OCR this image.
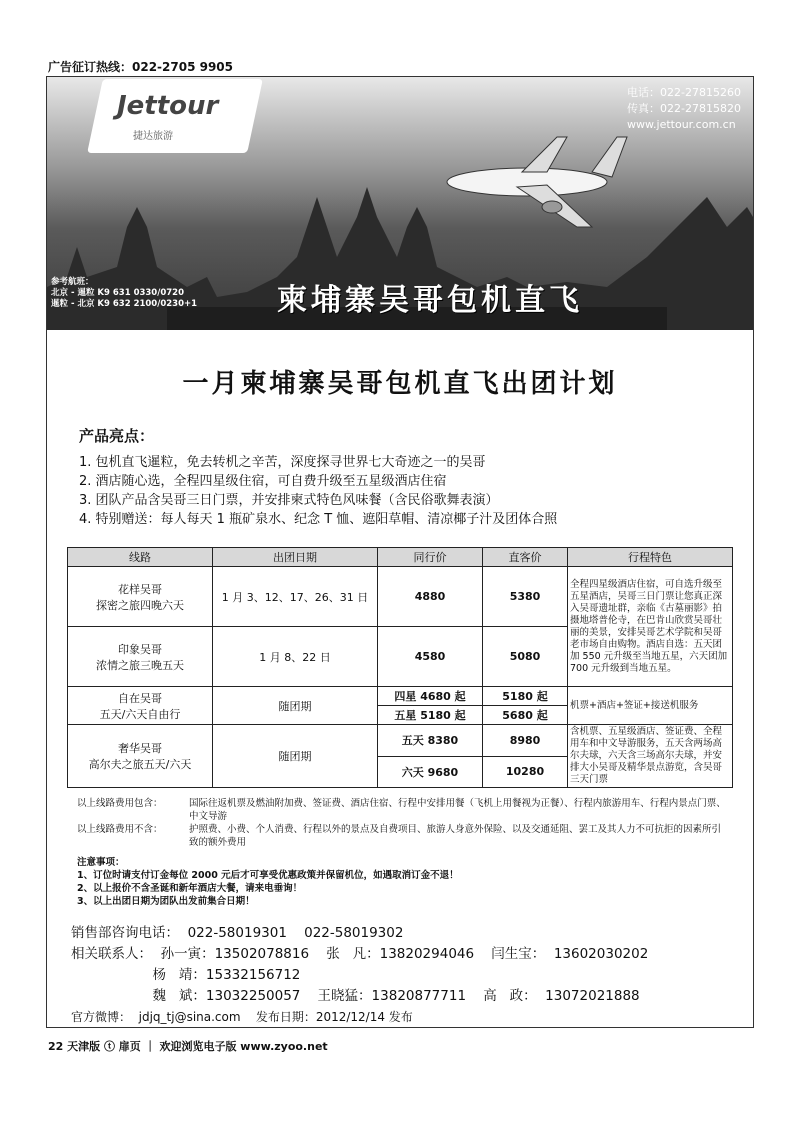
广告征订热线：022-2705 9905
Jettour
捷达旅游
电话：022-27815260
传真：022-27815820
www.jettour.com.cn
参考航班：
北京 - 暹粒 K9 631 0330/0720
暹粒 - 北京 K9 632 2100/0230+1	柬埔寨吴哥包机直飞
一月柬埔寨吴哥包机直飞出团计划
产品亮点：
1. 包机直飞暹粒，免去转机之辛苦，深度探寻世界七大奇迹之一的吴哥
2. 酒店随心选，全程四星级住宿，可自费升级至五星级酒店住宿
3. 团队产品含吴哥三日门票，并安排柬式特色风味餐（含民俗歌舞表演）
4. 特别赠送：每人每天 1 瓶矿泉水、纪念 T 恤、遮阳草帽、清凉椰子汁及团体合照
线路	出团日期	同行价	直客价	行程特色

花样吴哥
探密之旅四晚六天	1 月 3、12、17、26、31 日	4880	5380	全程四星级酒店住宿，可自选升级至五星酒店，吴哥三日门票让您真正深入吴哥遗址群，亲临《古墓丽影》拍摄地塔普伦寺，在巴肯山欣赏吴哥壮丽的美景，安排吴哥艺术学院和吴哥老市场自由购物。酒店自选：五天团加 550 元升级至当地五星，六天团加 700 元升级到当地五星。

印象吴哥
浓情之旅三晚五天	1 月 8、22 日	4580	5080	

自在吴哥
五天/六天自由行	随团期	四星 4680 起	5180 起	机票+酒店+签证+接送机服务
		五星 5180 起	5680 起	

奢华吴哥
高尔夫之旅五天/六天	随团期	五天 8380	8980	含机票、五星级酒店、签证费、全程用车和中文导游服务，五天含两场高尔夫球，六天含三场高尔夫球，并安排大小吴哥及精华景点游览，含吴哥三天门票
		六天 9680	10280	
以上线路费用包含：	国际往返机票及燃油附加费、签证费、酒店住宿、行程中安排用餐（飞机上用餐视为正餐）、行程内旅游用车、行程内景点门票、中文导游
以上线路费用不含：	护照费、小费、个人消费、行程以外的景点及自费项目、旅游人身意外保险、以及交通延阻、罢工及其人力不可抗拒的因素所引致的额外费用
注意事项：
1、订位时请支付订金每位 2000 元后才可享受优惠政策并保留机位，如遇取消订金不退！
2、以上报价不含圣诞和新年酒店大餐，请来电垂询！
3、以上出团日期为团队出发前集合日期！
销售部咨询电话：  022-58019301    022-58019302
相关联系人：  孙一寅：13502078816    张   凡：13820294046    闫生宝：  13602030202
杨   靖：15332156712
魏   斌：13032250057    王晓猛：13820877711    高   政：  13072021888
官方微博：  jdjq_tj@sina.com    发布日期：2012/12/14 发布
22 天津版 ⓣ 扉页 ｜ 欢迎浏览电子版 www.zyoo.net
